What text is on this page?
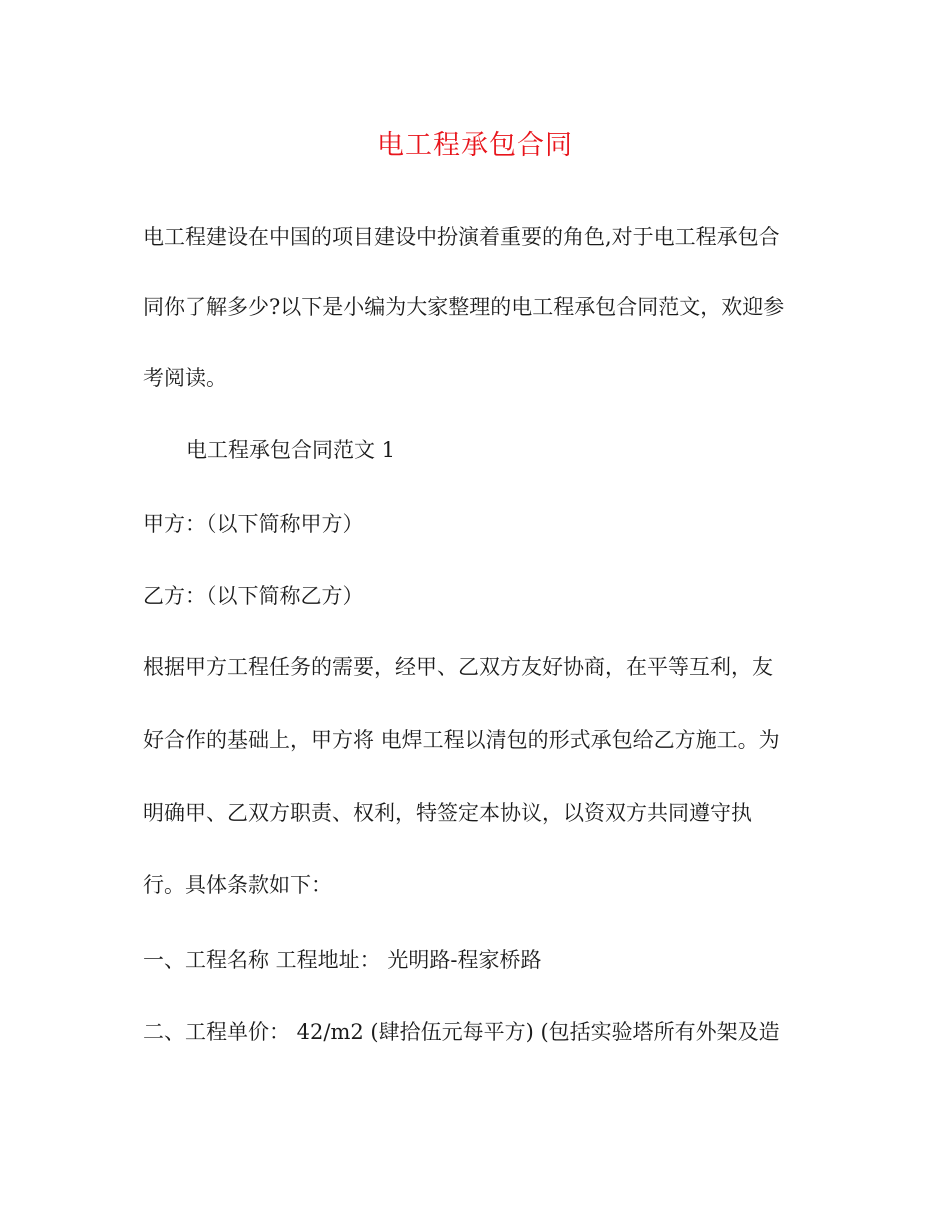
电工程承包合同
电工程建设在中国的项目建设中扮演着重要的角色,对于电工程承包合
同你了解多少?以下是小编为大家整理的电工程承包合同范文，欢迎参
考阅读。
电工程承包合同范文 1
甲方：（以下简称甲方）
乙方：（以下简称乙方）
根据甲方工程任务的需要，经甲、乙双方友好协商，在平等互利，友
好合作的基础上，甲方将 电焊工程以清包的形式承包给乙方施工。为
明确甲、乙双方职责、权利，特签定本协议，以资双方共同遵守执
行。具体条款如下：
一、工程名称 工程地址： 光明路-程家桥路
二、工程单价： 42/m2 (肆拾伍元每平方) (包括实验塔所有外架及造
